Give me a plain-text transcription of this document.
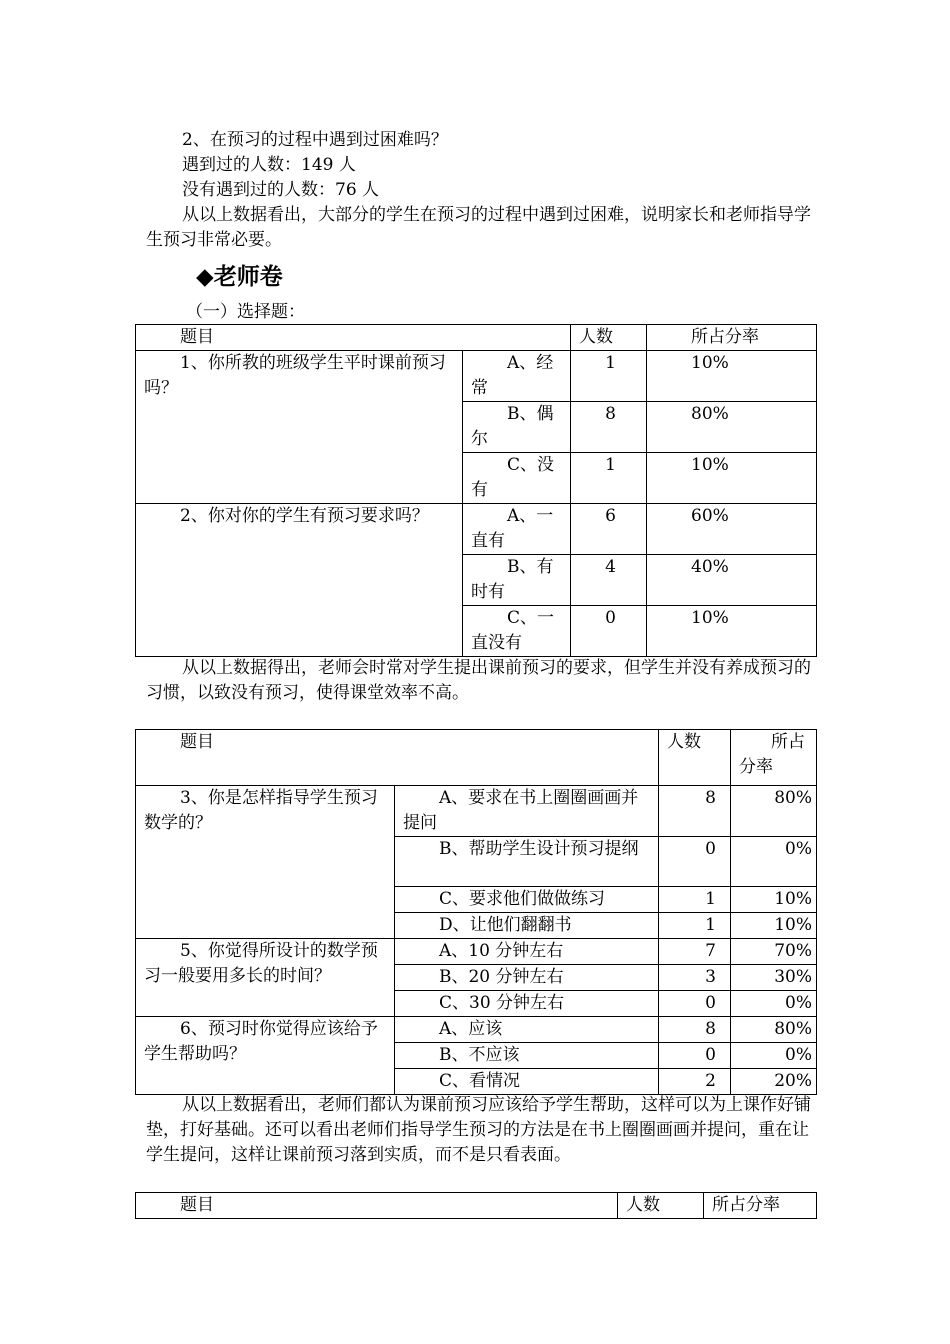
2、在预习的过程中遇到过困难吗？

遇到过的人数：149 人

没有遇到过的人数：76 人

从以上数据看出，大部分的学生在预习的过程中遇到过困难，说明家长和老师指导学生预习非常必要。

◆老师卷
（一）选择题：
题目		人数	所占分率
1、你所教的班级学生平时课前预习吗？	A、经常	1	10%
	B、偶尔	8	80%
	C、没有	1	10%
2、你对你的学生有预习要求吗？	A、一直有	6	60%
	B、有时有	4	40%
	C、一直没有	0	10%

从以上数据得出，老师会时常对学生提出课前预习的要求，但学生并没有养成预习的习惯，以致没有预习，使得课堂效率不高。

题目		人数	所占分率
3、你是怎样指导学生预习数学的？	A、要求在书上圈圈画画并提问	8	80%
	B、帮助学生设计预习提纲	0	0%
	C、要求他们做做练习	1	10%
	D、让他们翻翻书	1	10%
5、你觉得所设计的数学预习一般要用多长的时间？	A、10 分钟左右	7	70%
	B、20 分钟左右	3	30%
	C、30 分钟左右	0	0%
6、预习时你觉得应该给予学生帮助吗？	A、应该	8	80%
	B、不应该	0	0%
	C、看情况	2	20%

从以上数据看出，老师们都认为课前预习应该给予学生帮助，这样可以为上课作好铺垫，打好基础。还可以看出老师们指导学生预习的方法是在书上圈圈画画并提问，重在让学生提问，这样让课前预习落到实质，而不是只看表面。

题目	人数	所占分率
